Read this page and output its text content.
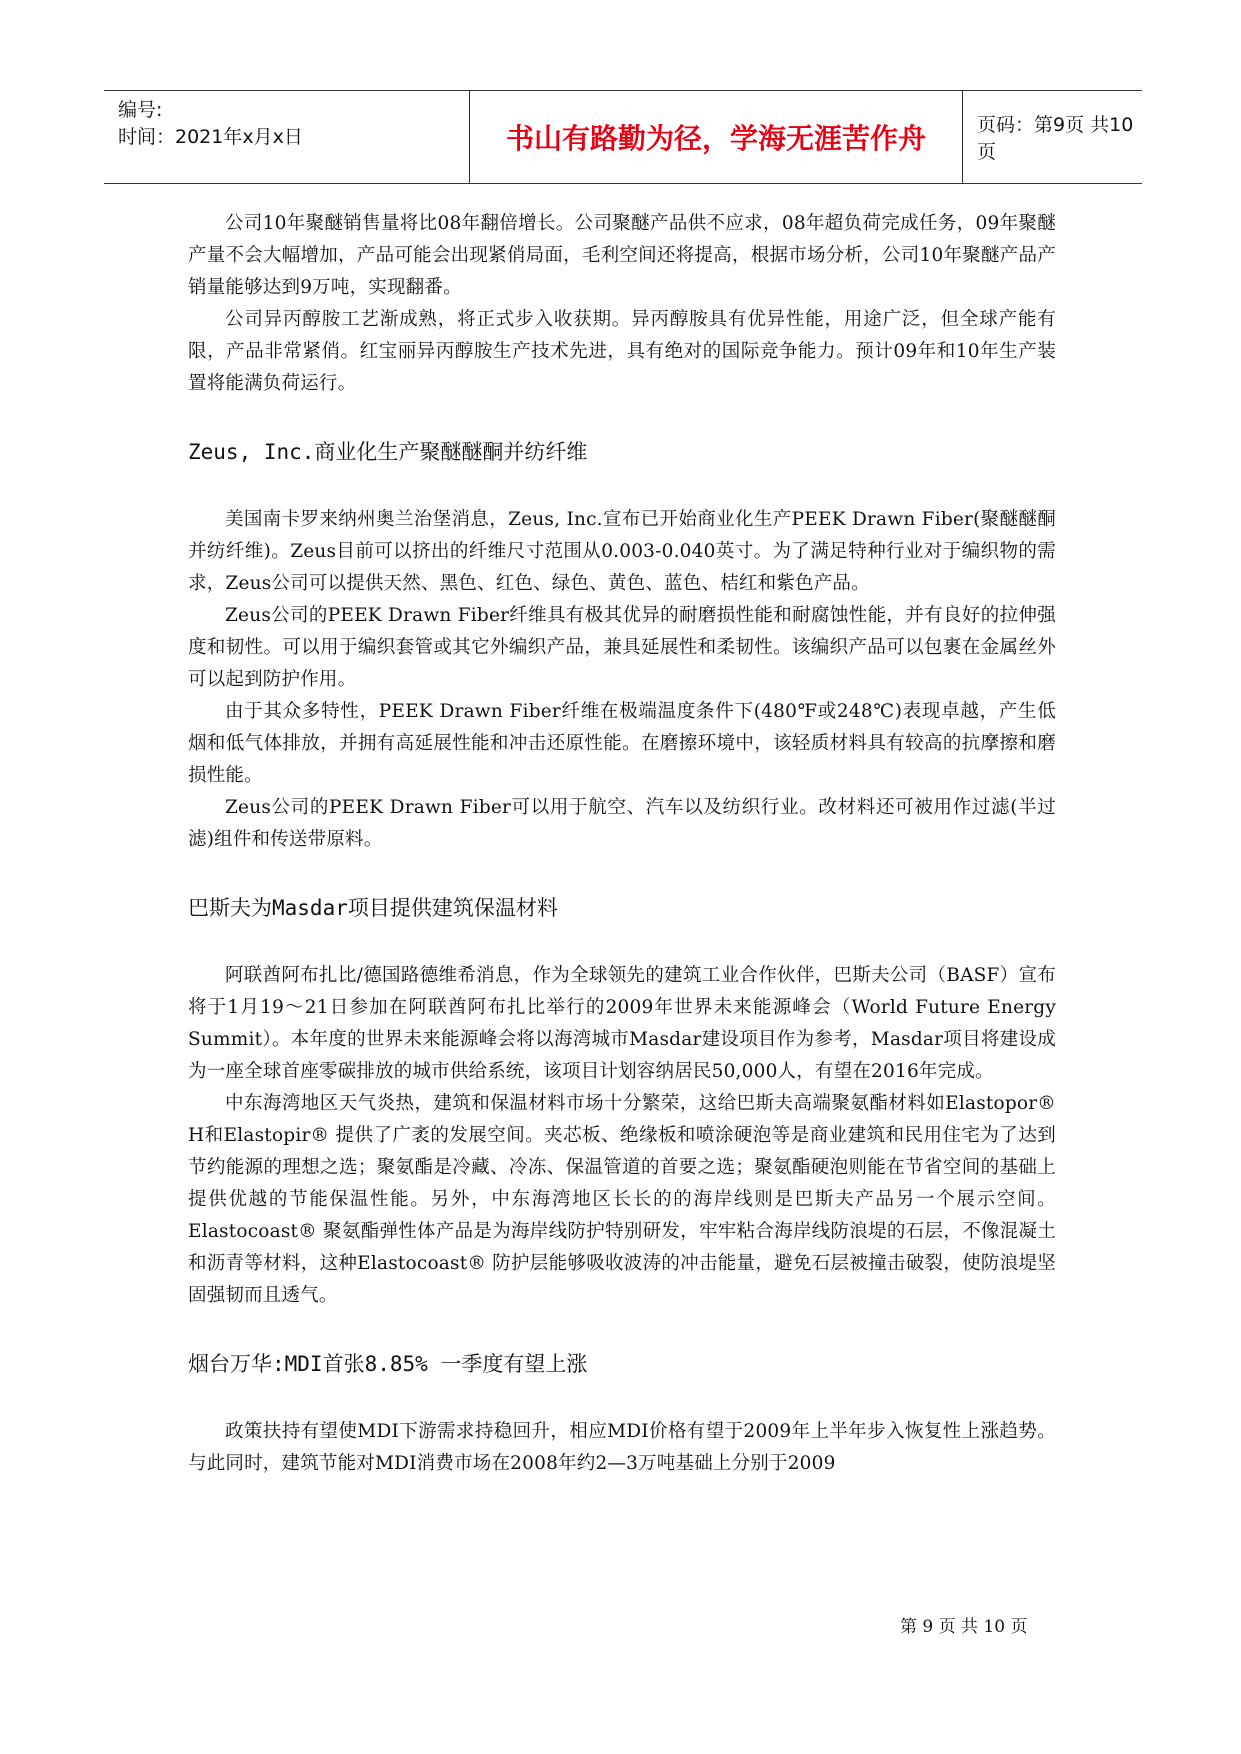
编号:
时间：2021年x月x日	书山有路勤为径，学海无涯苦作舟	页码：第9页 共10页

公司10年聚醚销售量将比08年翻倍增长。公司聚醚产品供不应求，08年超负荷完成任务，09年聚醚产量不会大幅增加，产品可能会出现紧俏局面，毛利空间还将提高，根据市场分析，公司10年聚醚产品产销量能够达到9万吨，实现翻番。

公司异丙醇胺工艺渐成熟，将正式步入收获期。异丙醇胺具有优异性能，用途广泛，但全球产能有限，产品非常紧俏。红宝丽异丙醇胺生产技术先进，具有绝对的国际竞争能力。预计09年和10年生产装置将能满负荷运行。

Zeus, Inc.商业化生产聚醚醚酮并纺纤维

美国南卡罗来纳州奥兰治堡消息，Zeus, Inc.宣布已开始商业化生产PEEK Drawn Fiber(聚醚醚酮并纺纤维)。Zeus目前可以挤出的纤维尺寸范围从0.003-0.040英寸。为了满足特种行业对于编织物的需求，Zeus公司可以提供天然、黑色、红色、绿色、黄色、蓝色、桔红和紫色产品。

Zeus公司的PEEK Drawn Fiber纤维具有极其优异的耐磨损性能和耐腐蚀性能，并有良好的拉伸强度和韧性。可以用于编织套管或其它外编织产品，兼具延展性和柔韧性。该编织产品可以包裹在金属丝外可以起到防护作用。

由于其众多特性，PEEK Drawn Fiber纤维在极端温度条件下(480℉或248℃)表现卓越，产生低烟和低气体排放，并拥有高延展性能和冲击还原性能。在磨擦环境中，该轻质材料具有较高的抗摩擦和磨损性能。

Zeus公司的PEEK Drawn Fiber可以用于航空、汽车以及纺织行业。改材料还可被用作过滤(半过滤)组件和传送带原料。

巴斯夫为Masdar项目提供建筑保温材料

阿联酋阿布扎比/德国路德维希消息，作为全球领先的建筑工业合作伙伴，巴斯夫公司（BASF）宣布将于1月19～21日参加在阿联酋阿布扎比举行的2009年世界未来能源峰会（World Future Energy Summit）。本年度的世界未来能源峰会将以海湾城市Masdar建设项目作为参考，Masdar项目将建设成为一座全球首座零碳排放的城市供给系统，该项目计划容纳居民50,000人，有望在2016年完成。

中东海湾地区天气炎热，建筑和保温材料市场十分繁荣，这给巴斯夫高端聚氨酯材料如Elastopor® H和Elastopir® 提供了广袤的发展空间。夹芯板、绝缘板和喷涂硬泡等是商业建筑和民用住宅为了达到节约能源的理想之选；聚氨酯是冷藏、冷冻、保温管道的首要之选；聚氨酯硬泡则能在节省空间的基础上提供优越的节能保温性能。另外，中东海湾地区长长的的海岸线则是巴斯夫产品另一个展示空间。Elastocoast® 聚氨酯弹性体产品是为海岸线防护特别研发，牢牢粘合海岸线防浪堤的石层，不像混凝土和沥青等材料，这种Elastocoast® 防护层能够吸收波涛的冲击能量，避免石层被撞击破裂，使防浪堤坚固强韧而且透气。

烟台万华:MDI首张8.85% 一季度有望上涨

政策扶持有望使MDI下游需求持稳回升，相应MDI价格有望于2009年上半年步入恢复性上涨趋势。与此同时，建筑节能对MDI消费市场在2008年约2—3万吨基础上分别于2009

第 9 页 共 10 页
